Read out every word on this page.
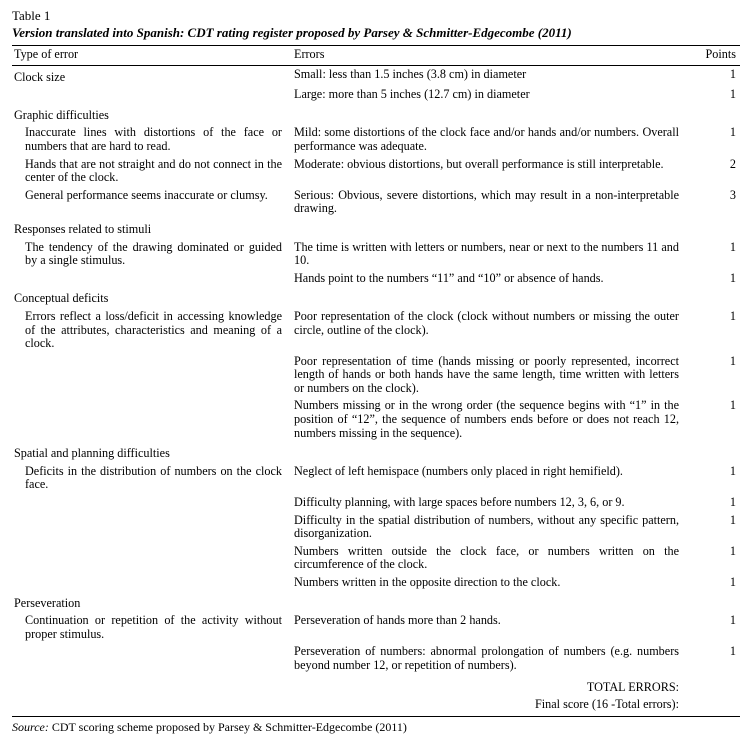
Table 1
Version translated into Spanish: CDT rating register proposed by Parsey & Schmitter-Edgecombe (2011)
Type of error	Errors	Points
Clock size	Small: less than 1.5 inches (3.8 cm) in diameter	1
	Large: more than 5 inches (12.7 cm) in diameter	1
Graphic difficulties		

Inaccurate lines with distortions of the face or numbers that are hard to read.	Mild: some distortions of the clock face and/or hands and/or numbers. Overall performance was adequate.	1

Hands that are not straight and do not connect in the center of the clock.	Moderate: obvious distortions, but overall performance is still interpretable.	2

General performance seems inaccurate or clumsy.	Serious: Obvious, severe distortions, which may result in a non-interpretable drawing.	3
Responses related to stimuli		

The tendency of the drawing dominated or guided by a single stimulus.	The time is written with letters or numbers, near or next to the numbers 11 and 10.	1

	Hands point to the numbers “11” and “10” or absence of hands.	1
Conceptual deficits		

Errors reflect a loss/deficit in accessing knowledge of the attributes, characteristics and meaning of a clock.	Poor representation of the clock (clock without numbers or missing the outer circle, outline of the clock).	1

	Poor representation of time (hands missing or poorly represented, incorrect length of hands or both hands have the same length, time written with letters or numbers on the clock).	1

	Numbers missing or in the wrong order (the sequence begins with “1” in the position of “12”, the sequence of numbers ends before or does not reach 12, numbers missing in the sequence).	1
Spatial and planning difficulties		

Deficits in the distribution of numbers on the clock face.	Neglect of left hemispace (numbers only placed in right hemifield).	1

	Difficulty planning, with large spaces before numbers 12, 3, 6, or 9.	1

	Difficulty in the spatial distribution of numbers, without any specific pattern, disorganization.	1

	Numbers written outside the clock face, or numbers written on the circumference of the clock.	1

	Numbers written in the opposite direction to the clock.	1
Perseveration		

Continuation or repetition of the activity without proper stimulus.	Perseveration of hands more than 2 hands.	1

	Perseveration of numbers: abnormal prolongation of numbers (e.g. numbers beyond number 12, or repetition of numbers).	1
	TOTAL ERRORS:	
	Final score (16 -Total errors):	
Source: CDT scoring scheme proposed by Parsey & Schmitter-Edgecombe (2011)
